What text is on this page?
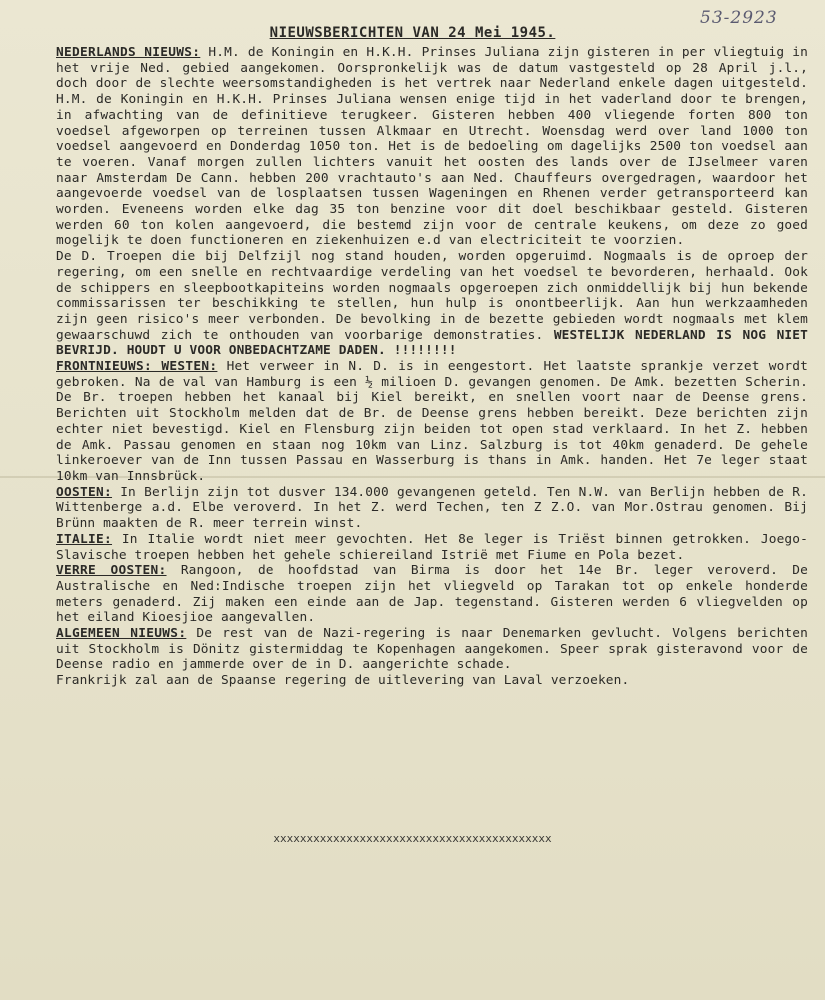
53-2923
NIEUWSBERICHTEN VAN 24 Mei 1945.

NEDERLANDS NIEUWS: H.M. de Koningin en H.K.H. Prinses Juliana zijn gisteren in per vliegtuig in het vrije Ned. gebied aangekomen. Oorspronkelijk was de datum vastgesteld op 28 April j.l., doch door de slechte weersomstandigheden is het vertrek naar Nederland enkele dagen uitgesteld. H.M. de Koningin en H.K.H. Prinses Juliana wensen enige tijd in het vaderland door te brengen, in afwachting van de definitieve terugkeer. Gisteren hebben 400 vliegende forten 800 ton voedsel afgeworpen op terreinen tussen Alkmaar en Utrecht. Woensdag werd over land 1000 ton voedsel aangevoerd en Donderdag 1050 ton. Het is de bedoeling om dagelijks 2500 ton voedsel aan te voeren. Vanaf morgen zullen lichters vanuit het oosten des lands over de IJselmeer varen naar Amsterdam De Cann. hebben 200 vrachtauto's aan Ned. Chauffeurs overgedragen, waardoor het aangevoerde voedsel van de losplaatsen tussen Wageningen en Rhenen verder getransporteerd kan worden. Eveneens worden elke dag 35 ton benzine voor dit doel beschikbaar gesteld. Gisteren werden 60 ton kolen aangevoerd, die bestemd zijn voor de centrale keukens, om deze zo goed mogelijk te doen functioneren en ziekenhuizen e.d van electriciteit te voorzien.

De D. Troepen die bij Delfzijl nog stand houden, worden opgeruimd. Nogmaals is de oproep der regering, om een snelle en rechtvaardige verdeling van het voedsel te bevorderen, herhaald. Ook de schippers en sleepbootkapiteins worden nogmaals opgeroepen zich onmiddellijk bij hun bekende commissarissen ter beschikking te stellen, hun hulp is onontbeerlijk. Aan hun werkzaamheden zijn geen risico's meer verbonden. De bevolking in de bezette gebieden wordt nogmaals met klem gewaarschuwd zich te onthouden van voorbarige demonstraties. WESTELIJK NEDERLAND IS NOG NIET BEVRIJD. HOUDT U VOOR ONBEDACHTZAME DADEN. !!!!!!!!

FRONTNIEUWS: WESTEN: Het verweer in N. D. is in eengestort. Het laatste sprankje verzet wordt gebroken. Na de val van Hamburg is een ½ milioen D. gevangen genomen. De Amk. bezetten Scherin. De Br. troepen hebben het kanaal bij Kiel bereikt, en snellen voort naar de Deense grens. Berichten uit Stockholm melden dat de Br. de Deense grens hebben bereikt. Deze berichten zijn echter niet bevestigd. Kiel en Flensburg zijn beiden tot open stad verklaard. In het Z. hebben de Amk. Passau genomen en staan nog 10km van Linz. Salzburg is tot 40km genaderd. De gehele linkeroever van de Inn tussen Passau en Wasserburg is thans in Amk. handen. Het 7e leger staat 10km van Innsbrück.

OOSTEN: In Berlijn zijn tot dusver 134.000 gevangenen geteld. Ten N.W. van Berlijn hebben de R. Wittenberge a.d. Elbe veroverd. In het Z. werd Techen, ten Z Z.O. van Mor.Ostrau genomen. Bij Brünn maakten de R. meer terrein winst.

ITALIE: In Italie wordt niet meer gevochten. Het 8e leger is Triëst binnen getrokken. Joego-Slavische troepen hebben het gehele schiereiland Istrië met Fiume en Pola bezet.

VERRE OOSTEN: Rangoon, de hoofdstad van Birma is door het 14e Br. leger veroverd. De Australische en Ned:Indische troepen zijn het vliegveld op Tarakan tot op enkele honderde meters genaderd. Zij maken een einde aan de Jap. tegenstand. Gisteren werden 6 vliegvelden op het eiland Kioesjioe aangevallen.

ALGEMEEN NIEUWS: De rest van de Nazi-regering is naar Denemarken gevlucht. Volgens berichten uit Stockholm is Dönitz gistermiddag te Kopenhagen aangekomen. Speer sprak gisteravond voor de Deense radio en jammerde over de in D. aangerichte schade.

Frankrijk zal aan de Spaanse regering de uitlevering van Laval verzoeken.

xxxxxxxxxxxxxxxxxxxxxxxxxxxxxxxxxxxxxxxxxx
